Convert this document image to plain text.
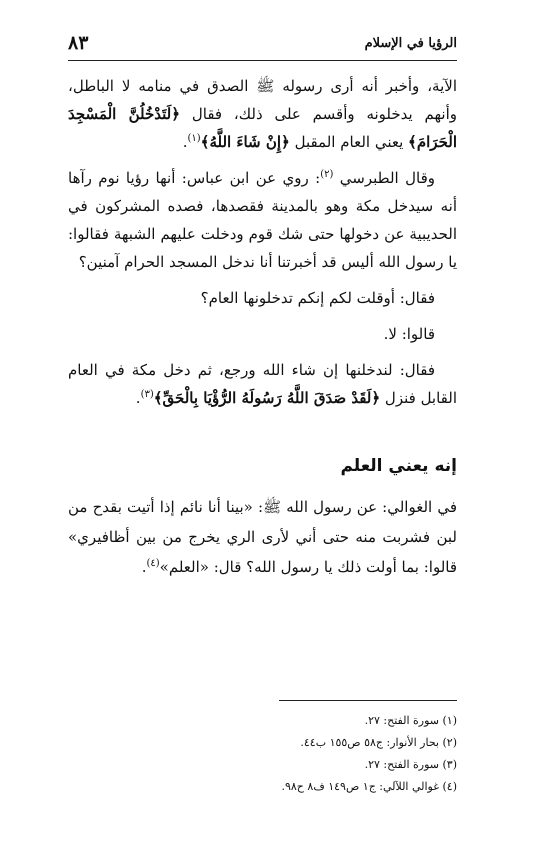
الرؤيا في الإسلام
٨٣

الآية، وأخبر أنه أرى رسوله ﷺ الصدق في منامه لا الباطل، وأنهم يدخلونه وأقسم على ذلك، فقال ﴿لَتَدْخُلُنَّ الْمَسْجِدَ الْحَرَامَ﴾ يعني العام المقبل ﴿إِنْ شَاءَ اللَّهُ﴾$^{(١)}$.

وقال الطبرسي $^{(٢)}$: روي عن ابن عباس: أنها رؤيا نوم رآها أنه سيدخل مكة وهو بالمدينة فقصدها، فصده المشركون في الحديبية عن دخولها حتى شك قوم ودخلت عليهم الشبهة فقالوا: يا رسول الله أليس قد أخبرتنا أنا ندخل المسجد الحرام آمنين؟

فقال: أوقلت لكم إنكم تدخلونها العام؟

قالوا: لا.

فقال: لندخلنها إن شاء الله ورجع، ثم دخل مكة في العام القابل فنزل ﴿لَقَدْ صَدَقَ اللَّهُ رَسُولَهُ الرُّؤْيَا بِالْحَقِّ﴾$^{(٣)}$.

إنه يعني العلم

في الغوالي: عن رسول الله ﷺ: «بينا أنا نائم إذا أتيت بقدح من لبن فشربت منه حتى أني لأرى الري يخرج من بين أظافيري» قالوا: بما أولت ذلك يا رسول الله؟ قال: «العلم»$^{(٤)}$.

(١) سورة الفتح: ٢٧.
(٢) بحار الأنوار: ج٥٨ ص١٥٥ ب٤٤.
(٣) سورة الفتح: ٢٧.
(٤) غوالي اللآلي: ج١ ص١٤٩ ف٨ ح٩٨.
